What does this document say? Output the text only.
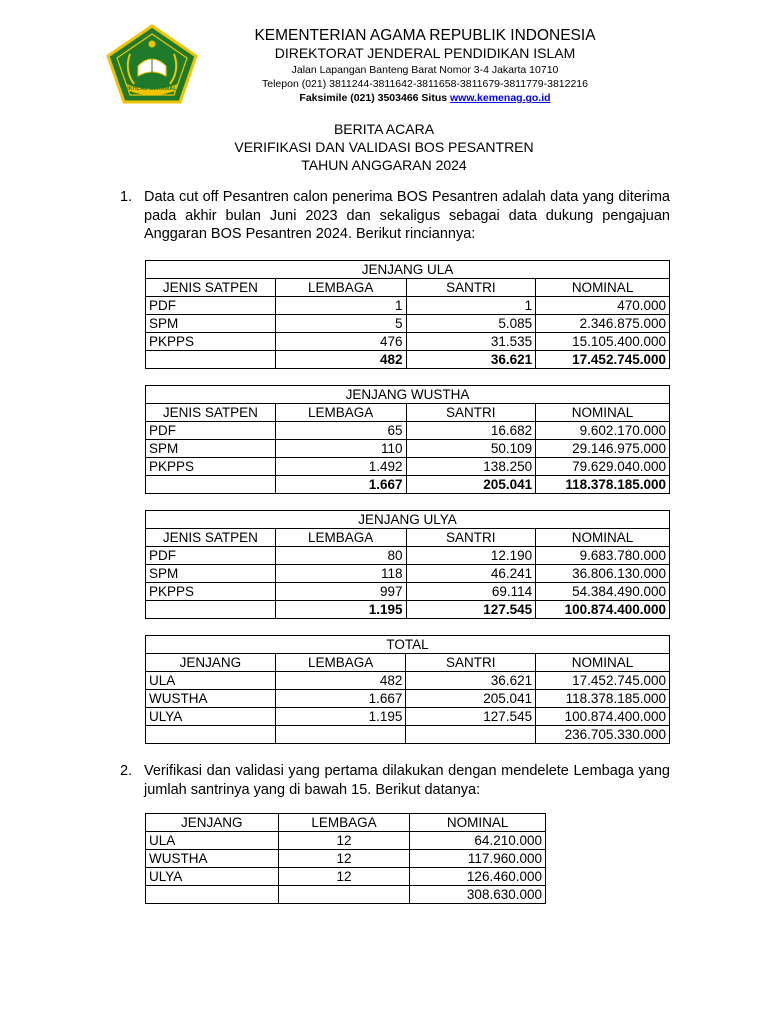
IKHLAS BERAMAL
KEMENTERIAN AGAMA REPUBLIK INDONESIA
DIREKTORAT JENDERAL PENDIDIKAN ISLAM
Jalan Lapangan Banteng Barat Nomor 3-4 Jakarta 10710
Telepon (021) 3811244-3811642-3811658-3811679-3811779-3812216
Faksimile (021) 3503466 Situs www.kemenag.go.id
BERITA ACARA
VERIFIKASI DAN VALIDASI BOS PESANTREN
TAHUN ANGGARAN 2024
1. Data cut off Pesantren calon penerima BOS Pesantren adalah data yang diterima pada akhir bulan Juni 2023 dan sekaligus sebagai data dukung pengajuan Anggaran BOS Pesantren 2024. Berikut rinciannya:
JENJANG ULA			
JENIS SATPEN	LEMBAGA	SANTRI	NOMINAL
PDF	1	1	470.000
SPM	5	5.085	2.346.875.000
PKPPS	476	31.535	15.105.400.000
	482	36.621	17.452.745.000
JENJANG WUSTHA			
JENIS SATPEN	LEMBAGA	SANTRI	NOMINAL
PDF	65	16.682	9.602.170.000
SPM	110	50.109	29.146.975.000
PKPPS	1.492	138.250	79.629.040.000
	1.667	205.041	118.378.185.000
JENJANG ULYA			
JENIS SATPEN	LEMBAGA	SANTRI	NOMINAL
PDF	80	12.190	9.683.780.000
SPM	118	46.241	36.806.130.000
PKPPS	997	69.114	54.384.490.000
	1.195	127.545	100.874.400.000
TOTAL			
JENJANG	LEMBAGA	SANTRI	NOMINAL
ULA	482	36.621	17.452.745.000
WUSTHA	1.667	205.041	118.378.185.000
ULYA	1.195	127.545	100.874.400.000
			236.705.330.000
2. Verifikasi dan validasi yang pertama dilakukan dengan mendelete Lembaga yang jumlah santrinya yang di bawah 15. Berikut datanya:
JENJANG	LEMBAGA	NOMINAL
ULA	12	64.210.000
WUSTHA	12	117.960.000
ULYA	12	126.460.000
		308.630.000
